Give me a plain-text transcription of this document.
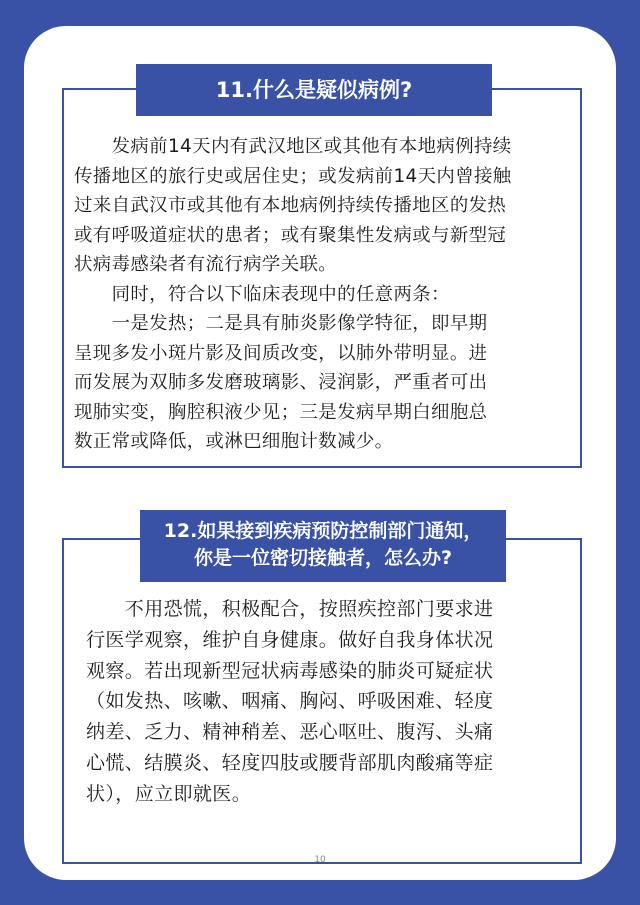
11.什么是疑似病例?
　　发病前14天内有武汉地区或其他有本地病例持续
传播地区的旅行史或居住史；或发病前14天内曾接触
过来自武汉市或其他有本地病例持续传播地区的发热
或有呼吸道症状的患者；或有聚集性发病或与新型冠
状病毒感染者有流行病学关联。
　　同时，符合以下临床表现中的任意两条：
　　一是发热；二是具有肺炎影像学特征，即早期
呈现多发小斑片影及间质改变，以肺外带明显。进
而发展为双肺多发磨玻璃影、浸润影，严重者可出
现肺实变，胸腔积液少见；三是发病早期白细胞总
数正常或降低，或淋巴细胞计数减少。
12.如果接到疾病预防控制部门通知，
你是一位密切接触者，怎么办?
　　不用恐慌，积极配合，按照疾控部门要求进
行医学观察，维护自身健康。做好自我身体状况
观察。若出现新型冠状病毒感染的肺炎可疑症状
（如发热、咳嗽、咽痛、胸闷、呼吸困难、轻度
纳差、乏力、精神稍差、恶心呕吐、腹泻、头痛
心慌、结膜炎、轻度四肢或腰背部肌肉酸痛等症
状），应立即就医。
10
